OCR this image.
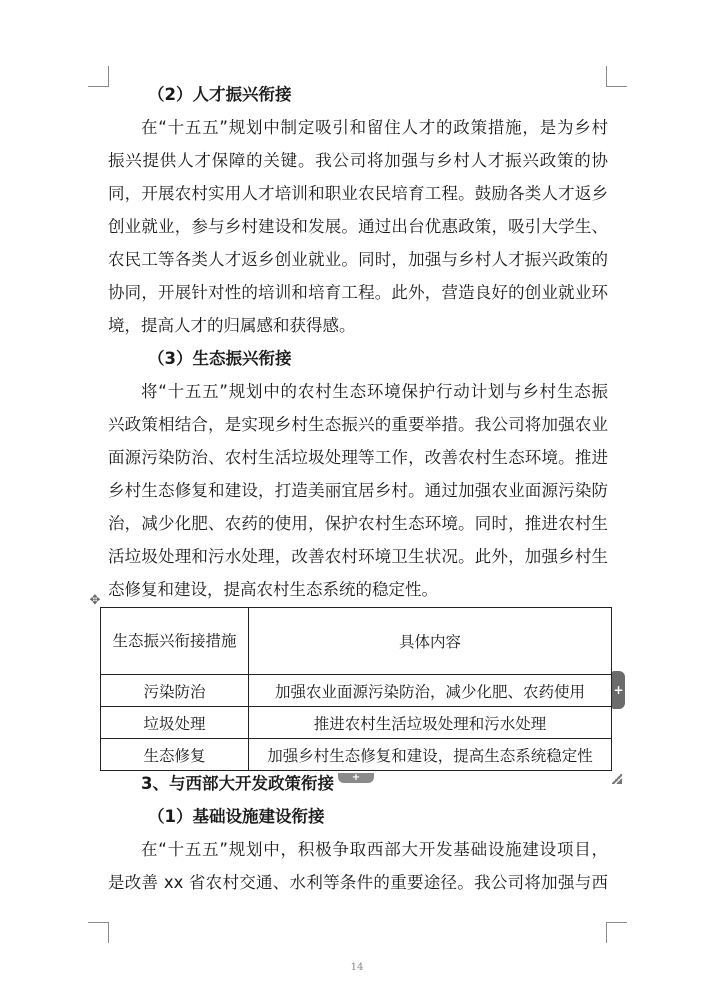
（2）人才振兴衔接
在“十五五”规划中制定吸引和留住人才的政策措施，是为乡村
振兴提供人才保障的关键。我公司将加强与乡村人才振兴政策的协
同，开展农村实用人才培训和职业农民培育工程。鼓励各类人才返乡
创业就业，参与乡村建设和发展。通过出台优惠政策，吸引大学生、
农民工等各类人才返乡创业就业。同时，加强与乡村人才振兴政策的
协同，开展针对性的培训和培育工程。此外，营造良好的创业就业环
境，提高人才的归属感和获得感。
（3）生态振兴衔接
将“十五五”规划中的农村生态环境保护行动计划与乡村生态振
兴政策相结合，是实现乡村生态振兴的重要举措。我公司将加强农业
面源污染防治、农村生活垃圾处理等工作，改善农村生态环境。推进
乡村生态修复和建设，打造美丽宜居乡村。通过加强农业面源污染防
治，减少化肥、农药的使用，保护农村生态环境。同时，推进农村生
活垃圾处理和污水处理，改善农村环境卫生状况。此外，加强乡村生
态修复和建设，提高农村生态系统的稳定性。
✥
生态振兴衔接措施	具体内容
污染防治	加强农业面源污染防治，减少化肥、农药使用
垃圾处理	推进农村生活垃圾处理和污水处理
生态修复	加强乡村生态修复和建设，提高生态系统稳定性
+
+
3、与西部大开发政策衔接
（1）基础设施建设衔接
在“十五五”规划中，积极争取西部大开发基础设施建设项目，
是改善 xx 省农村交通、水利等条件的重要途径。我公司将加强与西
14
